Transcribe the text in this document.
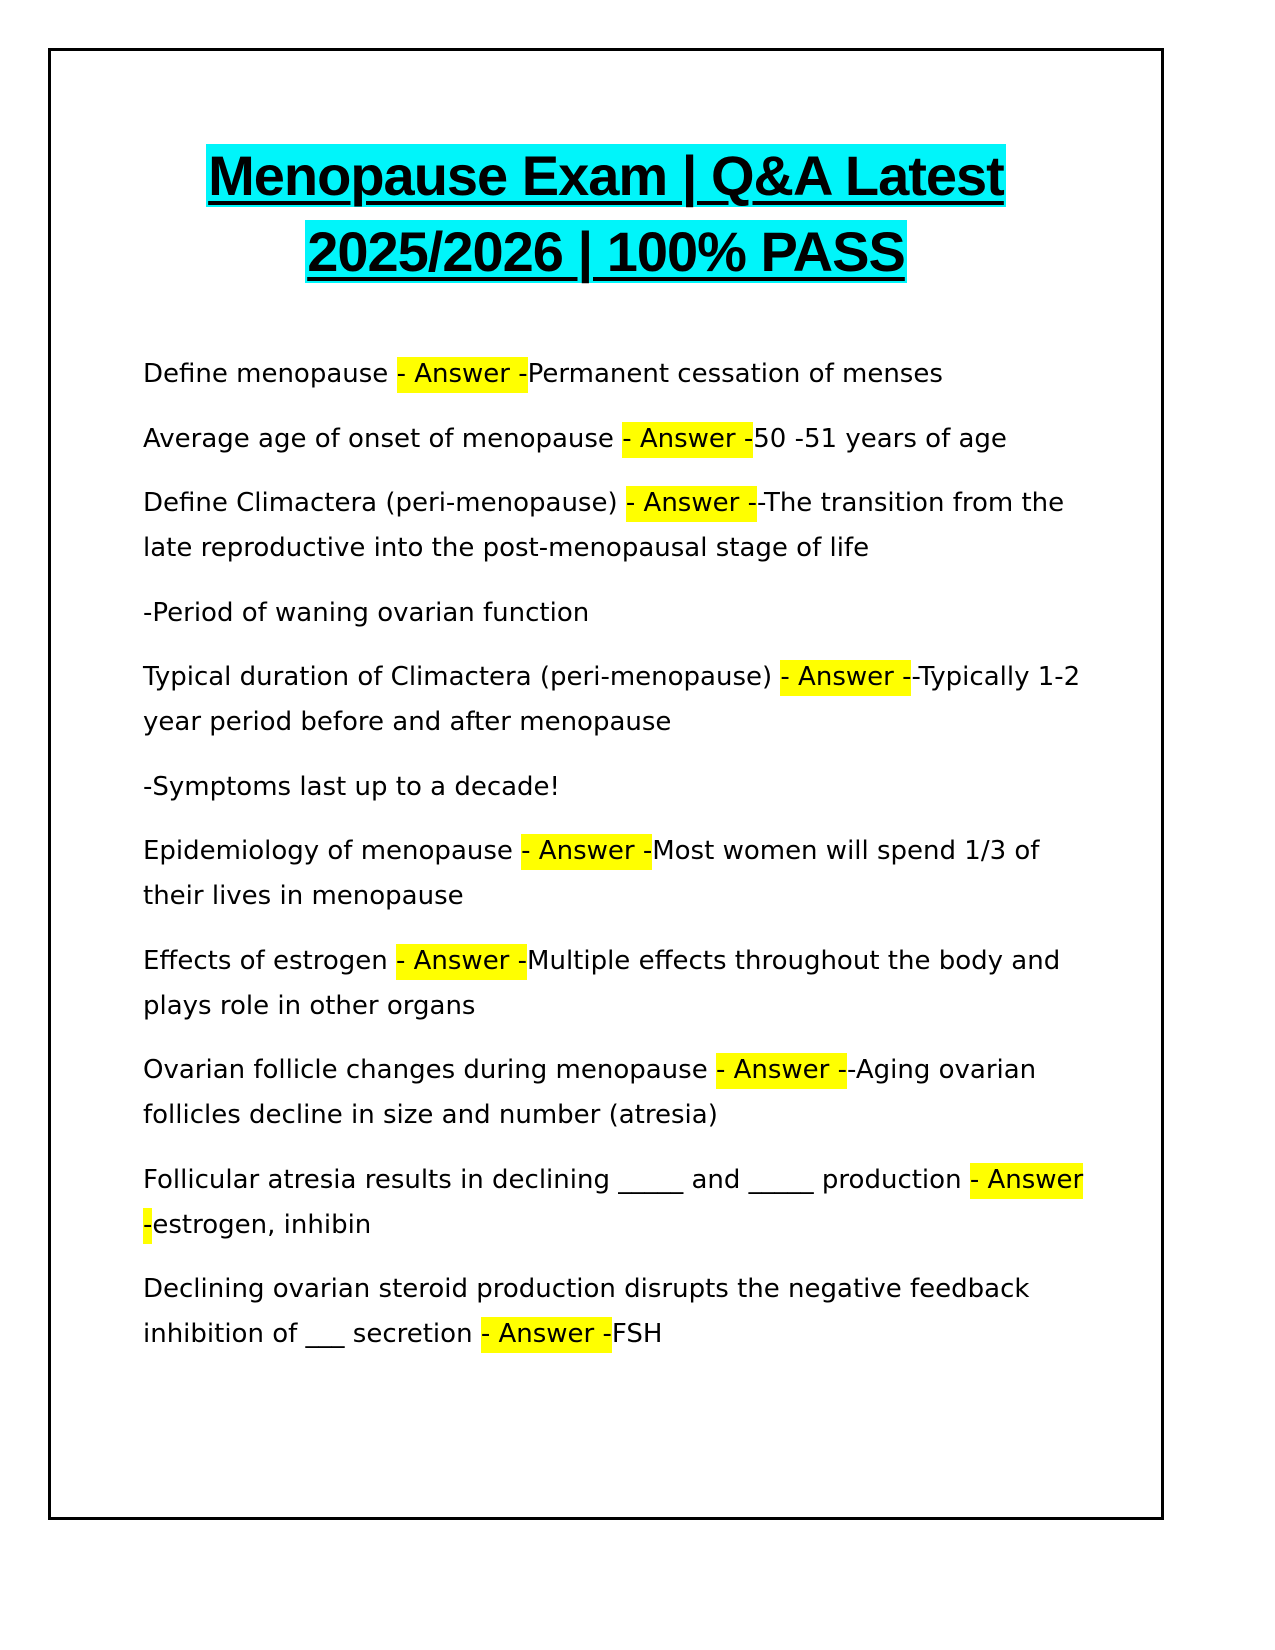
Menopause Exam | Q&A Latest
2025/2026 | 100% PASS

Define menopause - Answer -Permanent cessation of menses

Average age of onset of menopause - Answer -50 -51 years of age

Define Climactera (peri-menopause) - Answer --The transition from the late reproductive into the post-menopausal stage of life

-Period of waning ovarian function

Typical duration of Climactera (peri-menopause) - Answer --Typically 1-2 year period before and after menopause

-Symptoms last up to a decade!

Epidemiology of menopause - Answer -Most women will spend 1/3 of their lives in menopause

Effects of estrogen - Answer -Multiple effects throughout the body and plays role in other organs

Ovarian follicle changes during menopause - Answer --Aging ovarian follicles decline in size and number (atresia)

Follicular atresia results in declining _____ and _____ production - Answer -estrogen, inhibin

Declining ovarian steroid production disrupts the negative feedback inhibition of ___ secretion - Answer -FSH
